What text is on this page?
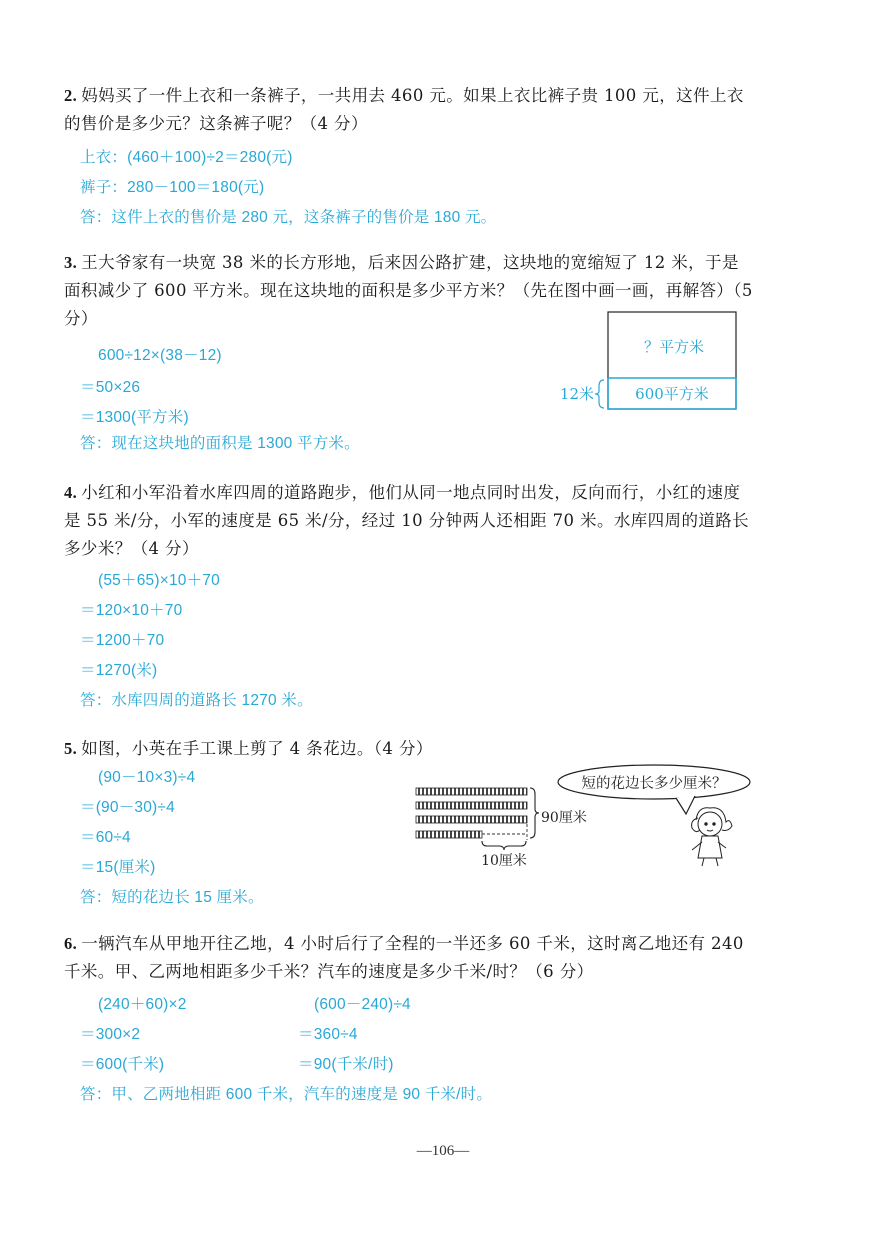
2. 妈妈买了一件上衣和一条裤子，一共用去 460 元。如果上衣比裤子贵 100 元，这件上衣的售价是多少元？这条裤子呢？（4 分）
上衣：(460＋100)÷2＝280(元)
裤子：280－100＝180(元)
答：这件上衣的售价是 280 元，这条裤子的售价是 180 元。
3. 王大爷家有一块宽 38 米的长方形地，后来因公路扩建，这块地的宽缩短了 12 米，于是面积减少了 600 平方米。现在这块地的面积是多少平方米？（先在图中画一画，再解答）（5 分）
600÷12×(38－12)
＝50×26
＝1300(平方米)
答：现在这块地的面积是 1300 平方米。
？平方米
600平方米
12米
4. 小红和小军沿着水库四周的道路跑步，他们从同一地点同时出发，反向而行，小红的速度是 55 米/分，小军的速度是 65 米/分，经过 10 分钟两人还相距 70 米。水库四周的道路长多少米？（4 分）
(55＋65)×10＋70
＝120×10＋70
＝1200＋70
＝1270(米)
答：水库四周的道路长 1270 米。
5. 如图，小英在手工课上剪了 4 条花边。（4 分）
(90－10×3)÷4
＝(90－30)÷4
＝60÷4
＝15(厘米)
答：短的花边长 15 厘米。
90厘米
10厘米
短的花边长多少厘米？
6. 一辆汽车从甲地开往乙地，4 小时后行了全程的一半还多 60 千米，这时离乙地还有 240 千米。甲、乙两地相距多少千米？汽车的速度是多少千米/时？（6 分）
(240＋60)×2
＝300×2
＝600(千米)
(600－240)÷4
＝360÷4
＝90(千米/时)
答：甲、乙两地相距 600 千米，汽车的速度是 90 千米/时。
—106—
